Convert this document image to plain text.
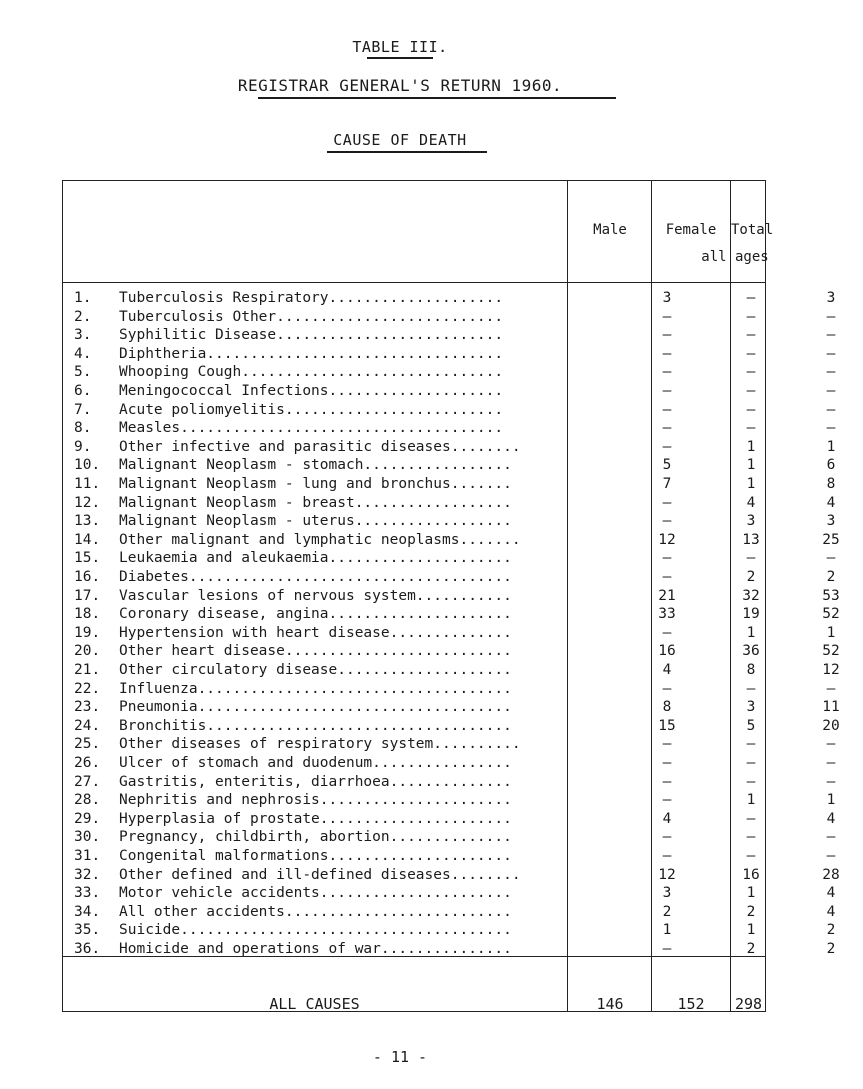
TABLE III.
REGISTRAR GENERAL'S RETURN 1960.
CAUSE OF DEATH
Male	Female	Total
all ages
1.	Tuberculosis Respiratory....................	3	–	3
2.	Tuberculosis Other..........................	–	–	–
3.	Syphilitic Disease..........................	–	–	–
4.	Diphtheria..................................	–	–	–
5.	Whooping Cough..............................	–	–	–
6.	Meningococcal Infections....................	–	–	–
7.	Acute poliomyelitis.........................	–	–	–
8.	Measles.....................................	–	–	–
9.	Other infective and parasitic diseases........	–	1	1
10.	Malignant Neoplasm - stomach.................	5	1	6
11.	Malignant Neoplasm - lung and bronchus.......	7	1	8
12.	Malignant Neoplasm - breast..................	–	4	4
13.	Malignant Neoplasm - uterus..................	–	3	3
14.	Other malignant and lymphatic neoplasms.......	12	13	25
15.	Leukaemia and aleukaemia.....................	–	–	–
16.	Diabetes.....................................	–	2	2
17.	Vascular lesions of nervous system...........	21	32	53
18.	Coronary disease, angina.....................	33	19	52
19.	Hypertension with heart disease..............	–	1	1
20.	Other heart disease..........................	16	36	52
21.	Other circulatory disease....................	4	8	12
22.	Influenza....................................	–	–	–
23.	Pneumonia....................................	8	3	11
24.	Bronchitis...................................	15	5	20
25.	Other diseases of respiratory system..........	–	–	–
26.	Ulcer of stomach and duodenum................	–	–	–
27.	Gastritis, enteritis, diarrhoea..............	–	–	–
28.	Nephritis and nephrosis......................	–	1	1
29.	Hyperplasia of prostate......................	4	–	4
30.	Pregnancy, childbirth, abortion..............	–	–	–
31.	Congenital malformations.....................	–	–	–
32.	Other defined and ill-defined diseases........	12	16	28
33.	Motor vehicle accidents......................	3	1	4
34.	All other accidents..........................	2	2	4
35.	Suicide......................................	1	1	2
36.	Homicide and operations of war...............	–	2	2
ALL CAUSES	146	152	298
- 11 -
